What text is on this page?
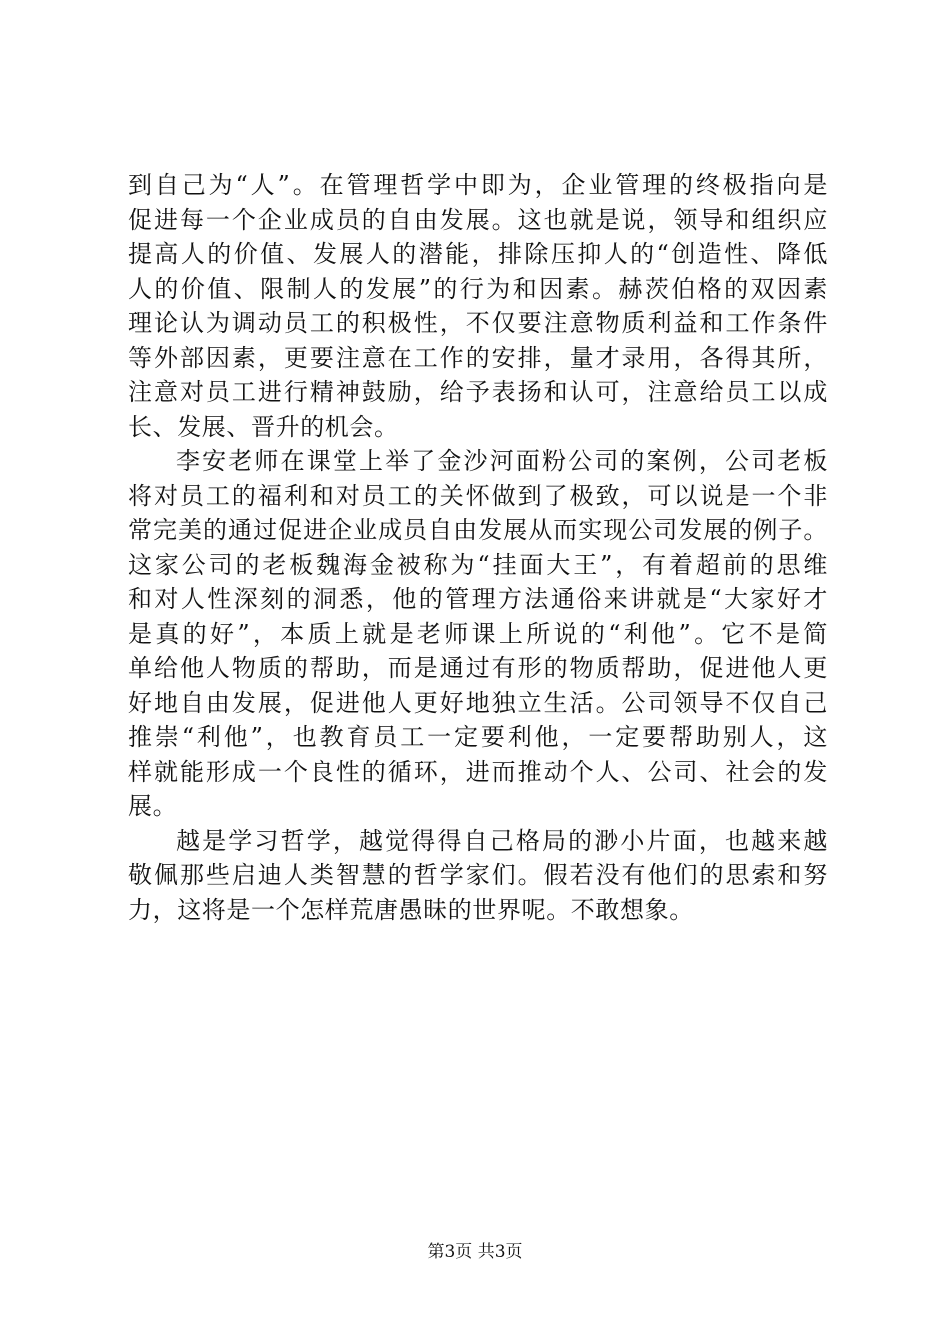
到自己为“人”。在管理哲学中即为，企业管理的终极指向是
促进每一个企业成员的自由发展。这也就是说，领导和组织应
提高人的价值、发展人的潜能，排除压抑人的“创造性、降低
人的价值、限制人的发展”的行为和因素。赫茨伯格的双因素
理论认为调动员工的积极性，不仅要注意物质利益和工作条件
等外部因素，更要注意在工作的安排，量才录用，各得其所，
注意对员工进行精神鼓励，给予表扬和认可，注意给员工以成
长、发展、晋升的机会。
李安老师在课堂上举了金沙河面粉公司的案例，公司老板
将对员工的福利和对员工的关怀做到了极致，可以说是一个非
常完美的通过促进企业成员自由发展从而实现公司发展的例子。
这家公司的老板魏海金被称为“挂面大王”，有着超前的思维
和对人性深刻的洞悉，他的管理方法通俗来讲就是“大家好才
是真的好”，本质上就是老师课上所说的“利他”。它不是简
单给他人物质的帮助，而是通过有形的物质帮助，促进他人更
好地自由发展，促进他人更好地独立生活。公司领导不仅自己
推崇“利他”，也教育员工一定要利他，一定要帮助别人，这
样就能形成一个良性的循环，进而推动个人、公司、社会的发
展。
越是学习哲学，越觉得得自己格局的渺小片面，也越来越
敬佩那些启迪人类智慧的哲学家们。假若没有他们的思索和努
力，这将是一个怎样荒唐愚昧的世界呢。不敢想象。
第3页 共3页
